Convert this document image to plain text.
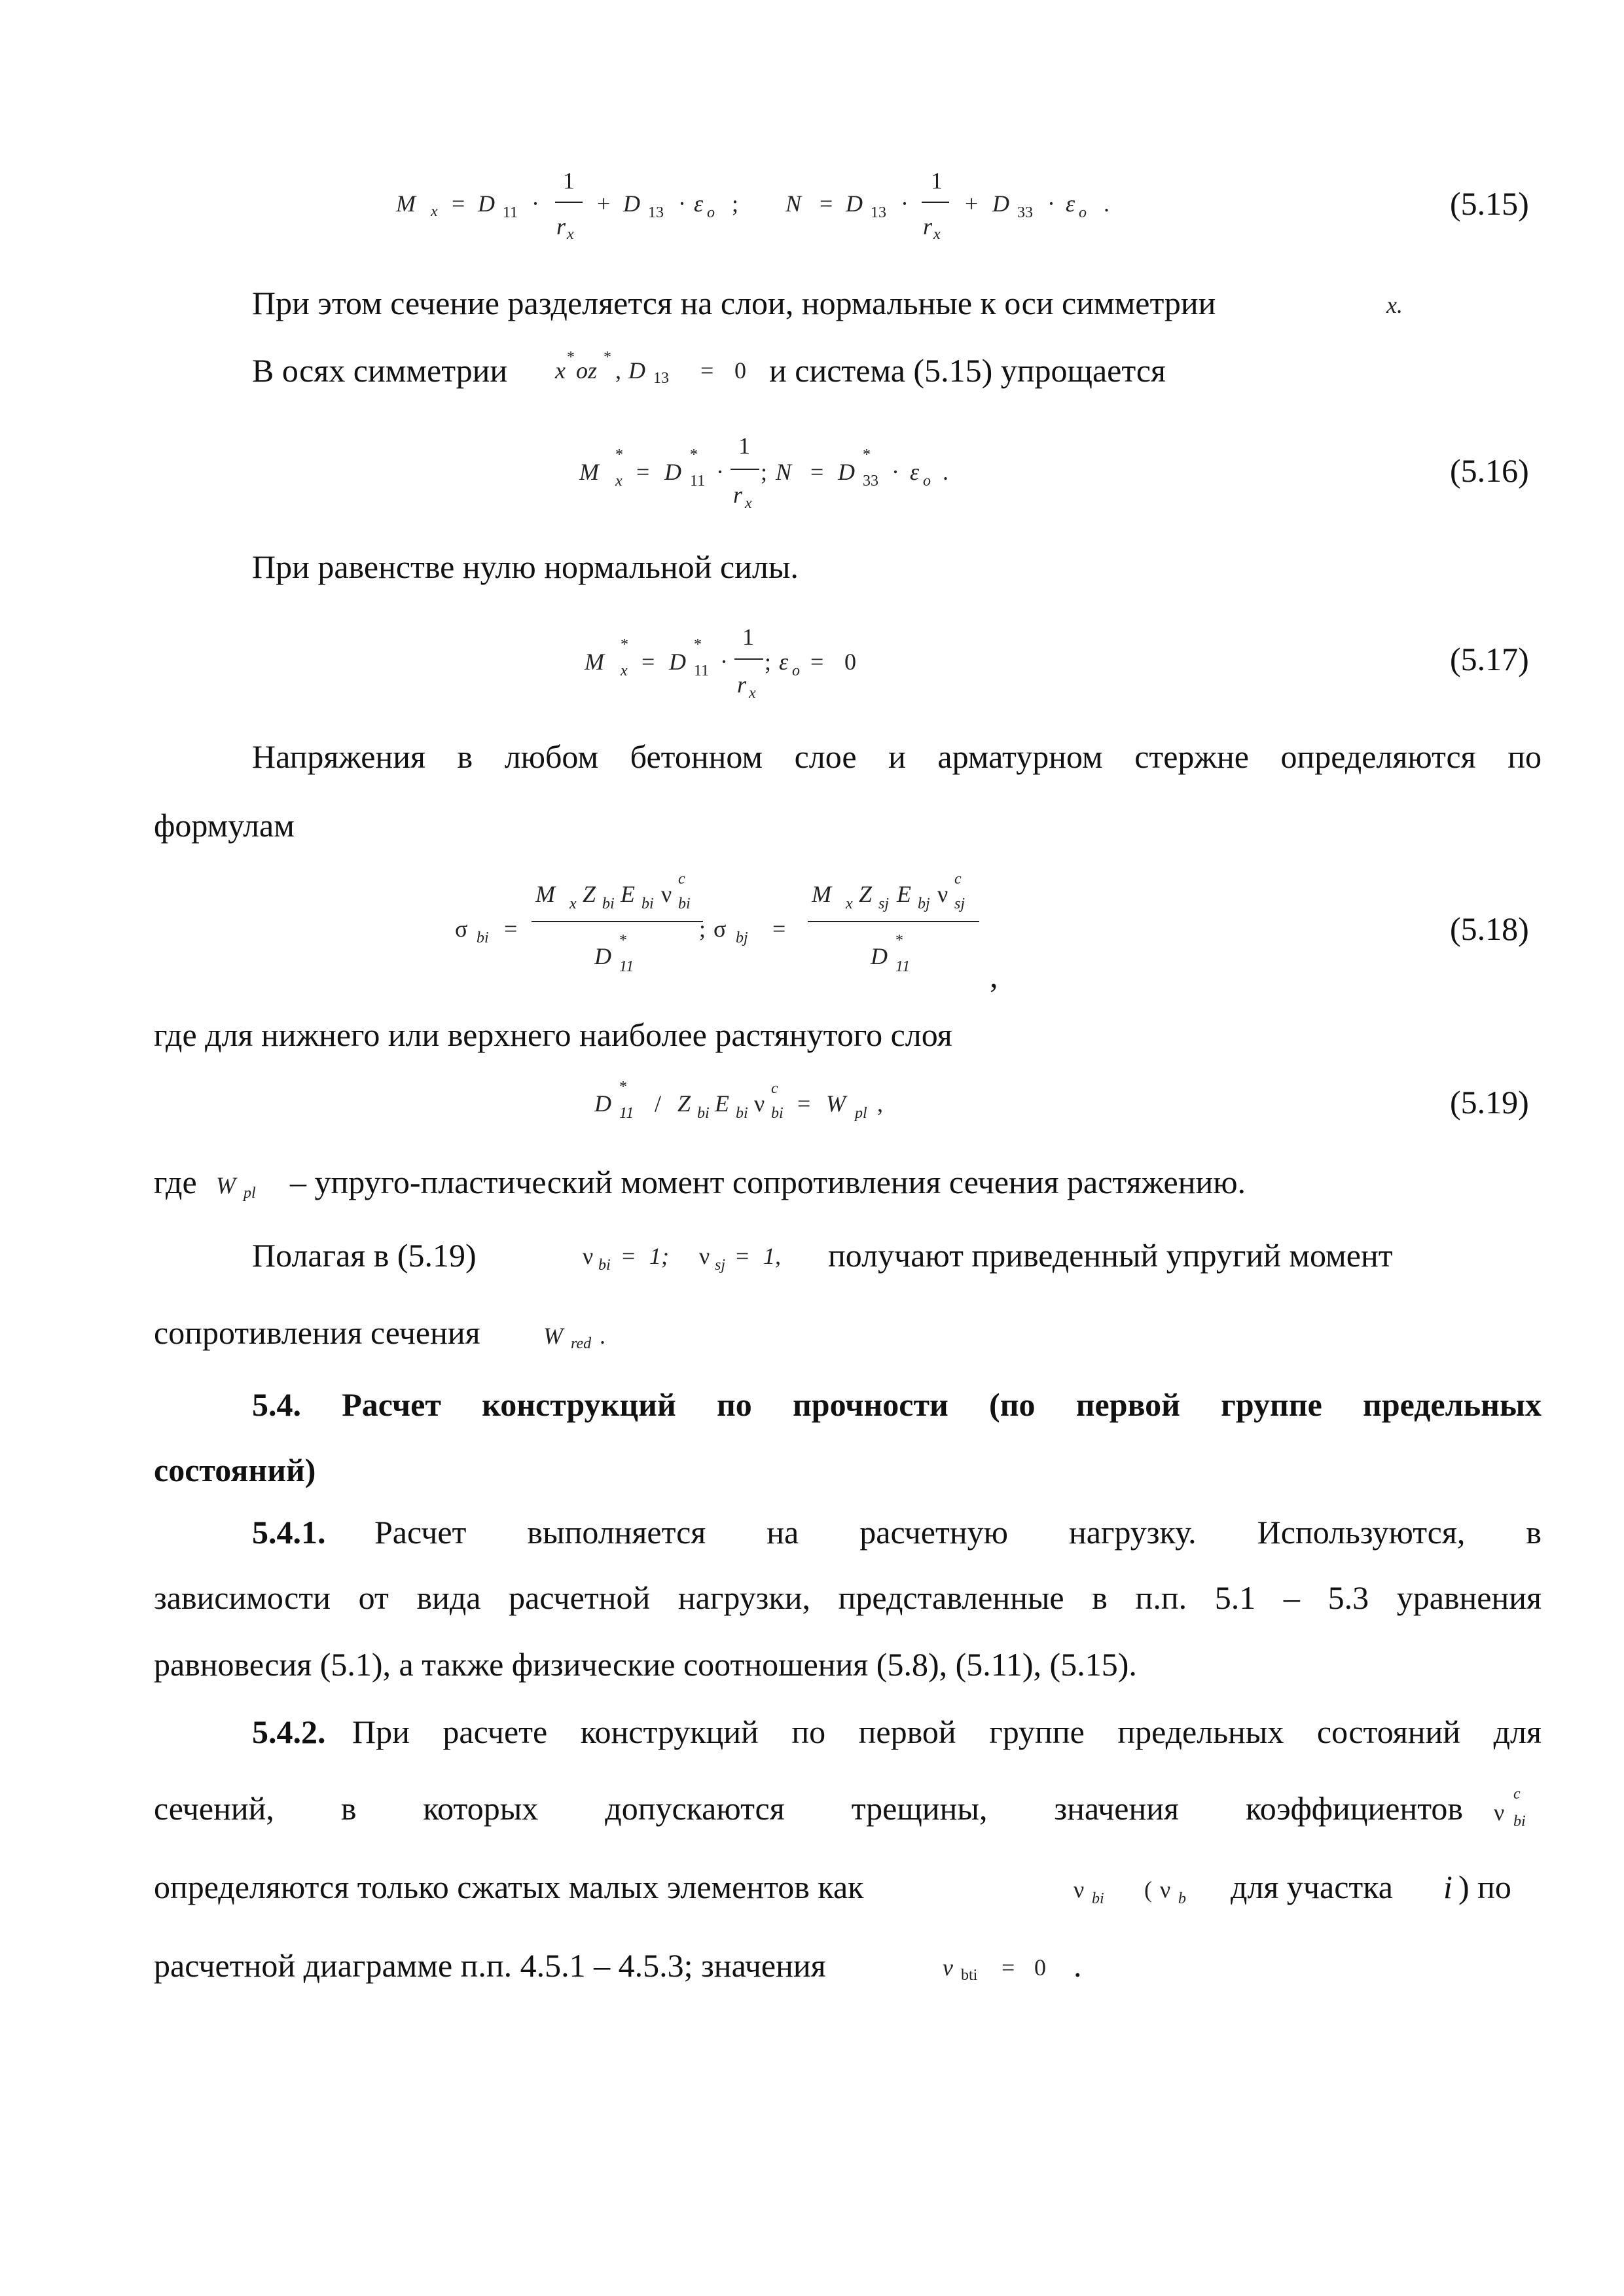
M x = D 11 ·
1
r x
+ D 13 · ε o ; N = D 13 ·
1
r x
+ D 33 · ε o .	(5.15)
При этом сечение разделяется на слои, нормальные к оси симметрии	x.
В осях симметрии x * oz * , D 13 = 0 и система (5.15) упрощается
M
*
x = D
*
11 ·
1
r x
; N = D
*
33 · ε o .	(5.16)
При равенстве нулю нормальной силы.
M
*
x = D
*
11 ·
1
r x
; ε o = 0	(5.17)
Напряжения в любом бетонном слое и арматурном стержне определяются по
формулам
σ bi =
M x Z bi E bi ν
c
bi
D
*
11
; σ bj =
M x Z sj E bj ν
c
sj
D
*
11 ,
(5.18)
где для нижнего или верхнего наиболее растянутого слоя
D
*
11 / Z bi E bi ν
c
bi = W pl ,	(5.19)
где W pl – упруго-пластический момент сопротивления сечения растяжению.
Полагая в (5.19)	ν bi = 1; ν sj = 1, получают приведенный упругий момент
сопротивления сечения	W red .
5.4. Расчет конструкций по прочности (по первой группе предельных
состояний)
5.4.1. Расчет выполняется на расчетную нагрузку. Используются, в
зависимости от вида расчетной нагрузки, представленные в п.п. 5.1 – 5.3 уравнения
равновесия (5.1), а также физические соотношения (5.8), (5.11), (5.15).
5.4.2. При расчете конструкций по первой группе предельных состояний для
сечений, в которых допускаются трещины, значения коэффициентов ν
c
bi
определяются только сжатых малых элементов как	ν bi ( ν b для участка i ) по
расчетной диаграмме п.п. 4.5.1 – 4.5.3; значения	ν bti = 0 .
